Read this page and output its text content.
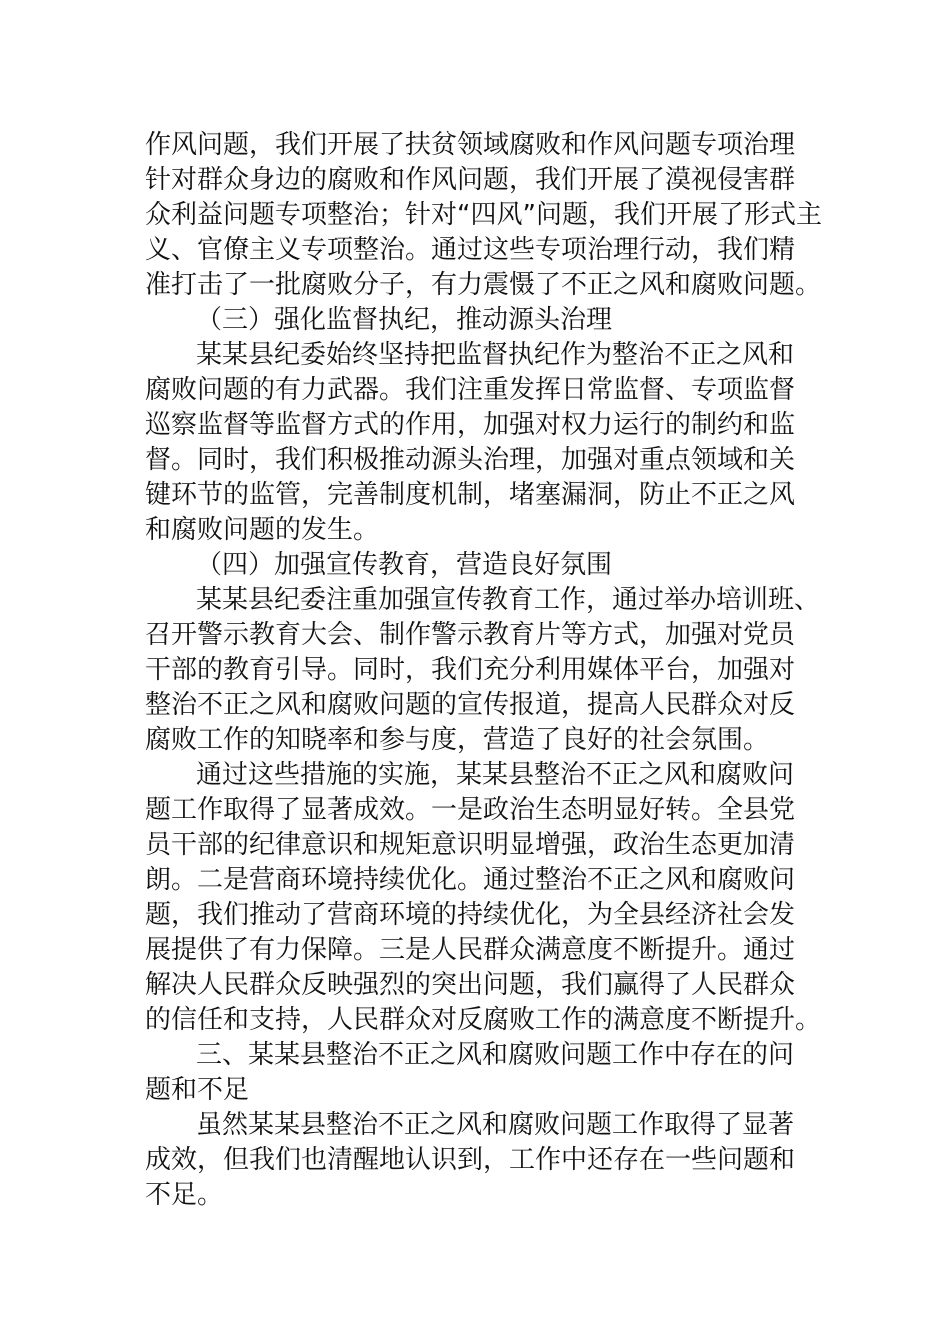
作风问题，我们开展了扶贫领域腐败和作风问题专项治理

针对群众身边的腐败和作风问题，我们开展了漠视侵害群

众利益问题专项整治；针对“四风”问题，我们开展了形式主

义、官僚主义专项整治。通过这些专项治理行动，我们精

准打击了一批腐败分子，有力震慑了不正之风和腐败问题。

（三）强化监督执纪，推动源头治理

某某县纪委始终坚持把监督执纪作为整治不正之风和

腐败问题的有力武器。我们注重发挥日常监督、专项监督

巡察监督等监督方式的作用，加强对权力运行的制约和监

督。同时，我们积极推动源头治理，加强对重点领域和关

键环节的监管，完善制度机制，堵塞漏洞，防止不正之风

和腐败问题的发生。

（四）加强宣传教育，营造良好氛围

某某县纪委注重加强宣传教育工作，通过举办培训班、

召开警示教育大会、制作警示教育片等方式，加强对党员

干部的教育引导。同时，我们充分利用媒体平台，加强对

整治不正之风和腐败问题的宣传报道，提高人民群众对反

腐败工作的知晓率和参与度，营造了良好的社会氛围。

通过这些措施的实施，某某县整治不正之风和腐败问

题工作取得了显著成效。一是政治生态明显好转。全县党

员干部的纪律意识和规矩意识明显增强，政治生态更加清

朗。二是营商环境持续优化。通过整治不正之风和腐败问

题，我们推动了营商环境的持续优化，为全县经济社会发

展提供了有力保障。三是人民群众满意度不断提升。通过

解决人民群众反映强烈的突出问题，我们赢得了人民群众

的信任和支持，人民群众对反腐败工作的满意度不断提升。

三、某某县整治不正之风和腐败问题工作中存在的问

题和不足

虽然某某县整治不正之风和腐败问题工作取得了显著

成效，但我们也清醒地认识到，工作中还存在一些问题和

不足。
